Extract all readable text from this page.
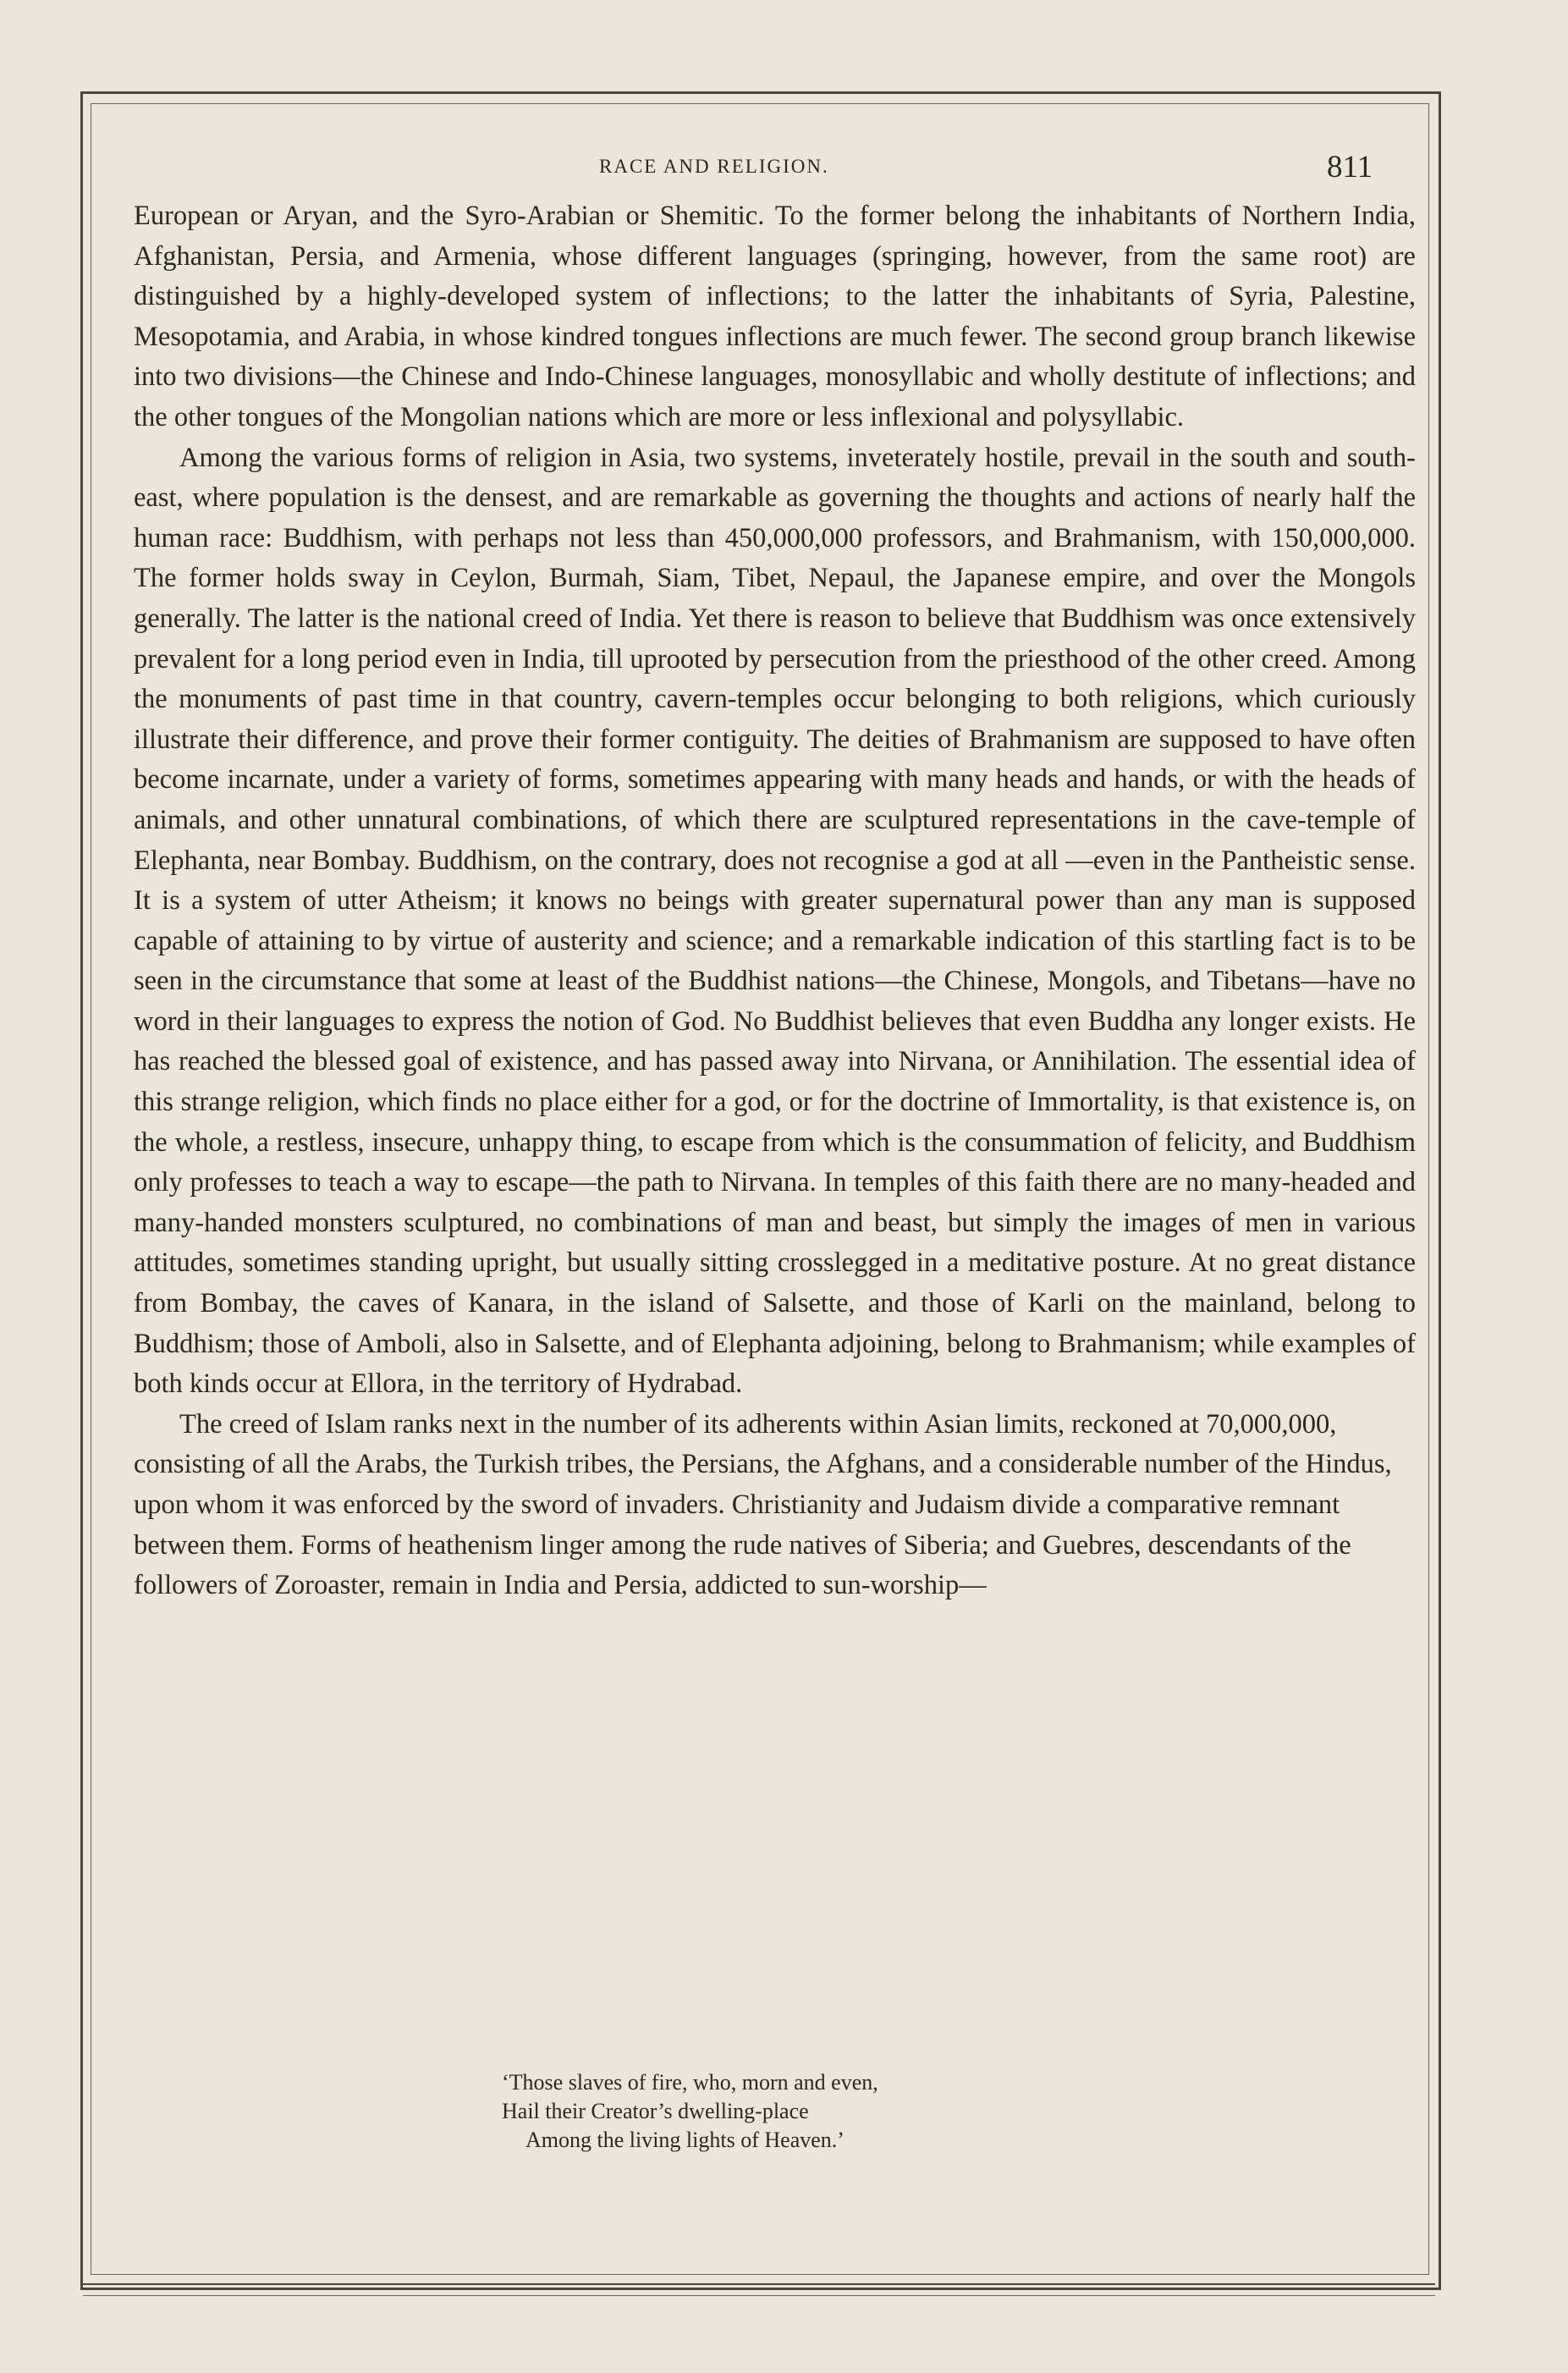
RACE AND RELIGION.	811

European or Aryan, and the Syro-Arabian or Shemitic. To the former belong the inhabitants of Northern India, Afghanistan, Persia, and Armenia, whose different languages (springing, however, from the same root) are distinguished by a highly-developed system of inflections; to the latter the inhabitants of Syria, Palestine, Mesopotamia, and Arabia, in whose kindred tongues inflections are much fewer. The second group branch likewise into two divisions—the Chinese and Indo-Chinese languages, monosyllabic and wholly destitute of inflections; and the other tongues of the Mongolian nations which are more or less inflexional and polysyllabic.

Among the various forms of religion in Asia, two systems, inveterately hostile, prevail in the south and south-east, where population is the densest, and are remarkable as governing the thoughts and actions of nearly half the human race: Buddhism, with perhaps not less than 450,000,000 professors, and Brahmanism, with 150,000,000. The former holds sway in Ceylon, Burmah, Siam, Tibet, Nepaul, the Japanese empire, and over the Mongols generally. The latter is the national creed of India. Yet there is reason to believe that Buddhism was once extensively prevalent for a long period even in India, till uprooted by persecution from the priesthood of the other creed. Among the monuments of past time in that country, cavern-temples occur belonging to both religions, which curiously illustrate their difference, and prove their former contiguity. The deities of Brahmanism are supposed to have often become incarnate, under a variety of forms, sometimes appearing with many heads and hands, or with the heads of animals, and other unnatural combinations, of which there are sculptured representations in the cave-temple of Elephanta, near Bombay. Buddhism, on the contrary, does not recognise a god at all —even in the Pantheistic sense. It is a system of utter Atheism; it knows no beings with greater supernatural power than any man is supposed capable of attaining to by virtue of austerity and science; and a remarkable indication of this startling fact is to be seen in the circumstance that some at least of the Buddhist nations—the Chinese, Mongols, and Tibetans—have no word in their languages to express the notion of God. No Buddhist believes that even Buddha any longer exists. He has reached the blessed goal of existence, and has passed away into Nirvana, or Annihilation. The essential idea of this strange religion, which finds no place either for a god, or for the doctrine of Immortality, is that existence is, on the whole, a restless, insecure, unhappy thing, to escape from which is the consummation of felicity, and Buddhism only professes to teach a way to escape—the path to Nirvana. In temples of this faith there are no many-headed and many-handed monsters sculptured, no combinations of man and beast, but simply the images of men in various attitudes, sometimes standing upright, but usually sitting crosslegged in a meditative posture. At no great distance from Bombay, the caves of Kanara, in the island of Salsette, and those of Karli on the mainland, belong to Buddhism; those of Amboli, also in Salsette, and of Elephanta adjoining, belong to Brahmanism; while examples of both kinds occur at Ellora, in the territory of Hydrabad.

The creed of Islam ranks next in the number of its adherents within Asian limits, reckoned at 70,000,000, consisting of all the Arabs, the Turkish tribes, the Persians, the Afghans, and a considerable number of the Hindus, upon whom it was enforced by the sword of invaders. Christianity and Judaism divide a comparative remnant between them. Forms of heathenism linger among the rude natives of Siberia; and Guebres, descendants of the followers of Zoroaster, remain in India and Persia, addicted to sun-worship—

‘Those slaves of fire, who, morn and even,
Hail their Creator’s dwelling-place
Among the living lights of Heaven.’
